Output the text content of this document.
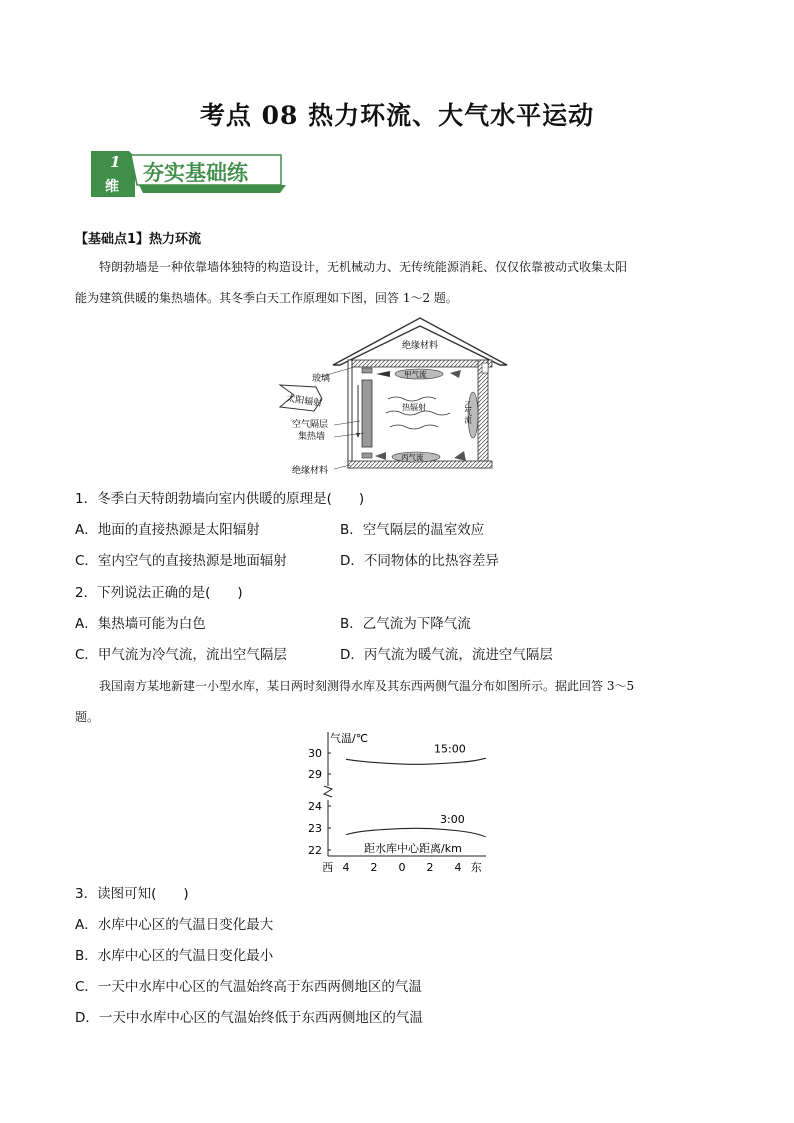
考点 08 热力环流、大气水平运动
1
维
夯实基础练
【基础点1】热力环流
特朗勃墙是一种依靠墙体独特的构造设计，无机械动力、无传统能源消耗、仅仅依靠被动式收集太阳
能为建筑供暖的集热墙体。其冬季白天工作原理如下图，回答 1～2 题。
绝缘材料
玻璃
太阳辐射
空气隔层
集热墙
绝缘材料
甲气流
乙气流
丙气流
热辐射
1．冬季白天特朗勃墙向室内供暖的原理是(　　)
A．地面的直接热源是太阳辐射	B．空气隔层的温室效应
C．室内空气的直接热源是地面辐射	D．不同物体的比热容差异
2．下列说法正确的是(　　)
A．集热墙可能为白色	B．乙气流为下降气流
C．甲气流为冷气流，流出空气隔层	D．丙气流为暖气流，流进空气隔层
我国南方某地新建一小型水库，某日两时刻测得水库及其东西两侧气温分布如图所示。据此回答 3～5
题。
气温/℃
距水库中心距离/km
22
23
24
29
30
西 4 2 0 2 4 东
15:00
3:00
3．读图可知(　　)
A．水库中心区的气温日变化最大
B．水库中心区的气温日变化最小
C．一天中水库中心区的气温始终高于东西两侧地区的气温
D．一天中水库中心区的气温始终低于东西两侧地区的气温
